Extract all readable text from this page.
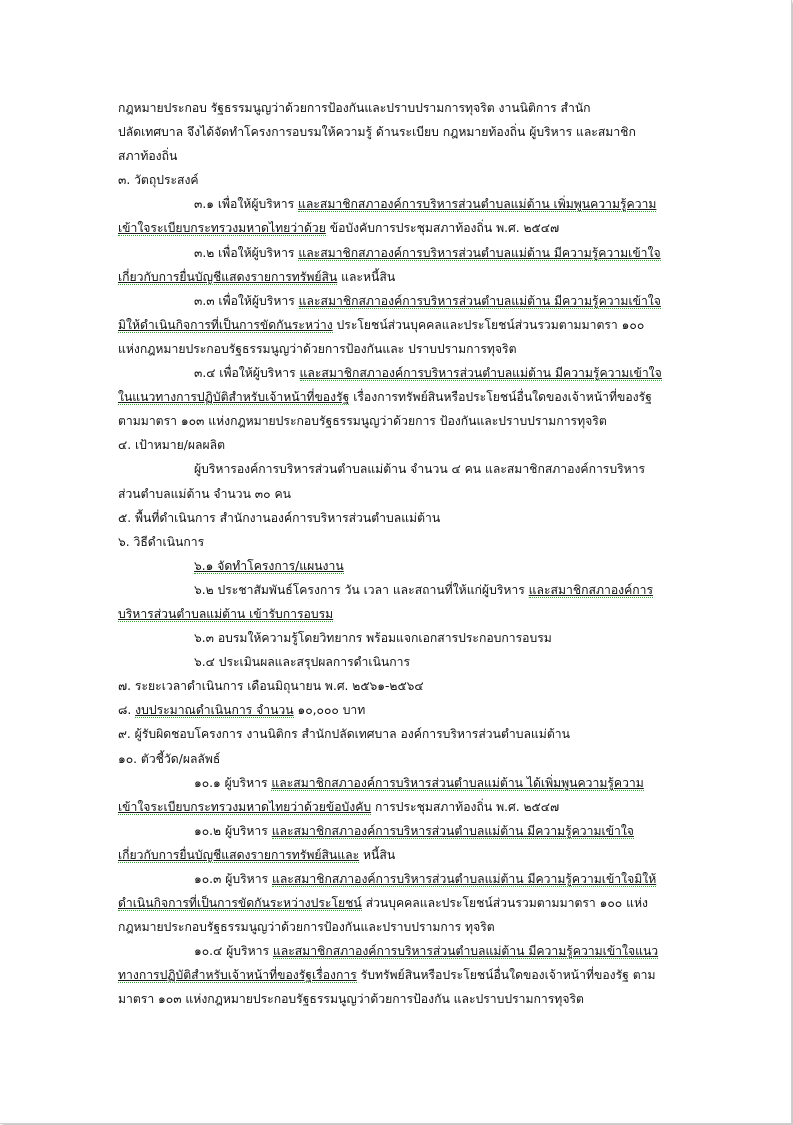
กฎหมายประกอบ รัฐธรรมนูญว่าด้วยการป้องกันและปราบปรามการทุจริต งานนิติการ สำนัก

ปลัดเทศบาล จึงได้จัดทำโครงการอบรมให้ความรู้ ด้านระเบียบ กฎหมายท้องถิ่น ผู้บริหาร และสมาชิก

สภาท้องถิ่น

๓. วัตถุประสงค์

๓.๑ เพื่อให้ผู้บริหาร และสมาชิกสภาองค์การบริหารส่วนตำบลแม่ต้าน เพิ่มพูนความรู้ความ
เข้าใจระเบียบกระทรวงมหาดไทยว่าด้วย ข้อบังคับการประชุมสภาท้องถิ่น พ.ศ. ๒๕๔๗

๓.๒ เพื่อให้ผู้บริหาร และสมาชิกสภาองค์การบริหารส่วนตำบลแม่ต้าน มีความรู้ความเข้าใจ
เกี่ยวกับการยื่นบัญชีแสดงรายการทรัพย์สิน และหนี้สิน

๓.๓ เพื่อให้ผู้บริหาร และสมาชิกสภาองค์การบริหารส่วนตำบลแม่ต้าน มีความรู้ความเข้าใจ
มิให้ดำเนินกิจการที่เป็นการขัดกันระหว่าง ประโยชน์ส่วนบุคคลและประโยชน์ส่วนรวมตามมาตรา ๑๐๐
แห่งกฎหมายประกอบรัฐธรรมนูญว่าด้วยการป้องกันและ ปราบปรามการทุจริต

๓.๔ เพื่อให้ผู้บริหาร และสมาชิกสภาองค์การบริหารส่วนตำบลแม่ต้าน มีความรู้ความเข้าใจ
ในแนวทางการปฏิบัติสำหรับเจ้าหน้าที่ของรัฐ เรื่องการทรัพย์สินหรือประโยชน์อื่นใดของเจ้าหน้าที่ของรัฐ
ตามมาตรา ๑๐๓ แห่งกฎหมายประกอบรัฐธรรมนูญว่าด้วยการ ป้องกันและปราบปรามการทุจริต

๔. เป้าหมาย/ผลผลิต

ผู้บริหารองค์การบริหารส่วนตำบลแม่ต้าน จำนวน ๔ คน และสมาชิกสภาองค์การบริหาร
ส่วนตำบลแม่ต้าน จำนวน ๓๐ คน

๕. พื้นที่ดำเนินการ สำนักงานองค์การบริหารส่วนตำบลแม่ต้าน

๖. วิธีดำเนินการ

๖.๑ จัดทำโครงการ/แผนงาน

๖.๒ ประชาสัมพันธ์โครงการ วัน เวลา และสถานที่ให้แก่ผู้บริหาร และสมาชิกสภาองค์การ
บริหารส่วนตำบลแม่ต้าน เข้ารับการอบรม

๖.๓ อบรมให้ความรู้โดยวิทยากร พร้อมแจกเอกสารประกอบการอบรม

๖.๔ ประเมินผลและสรุปผลการดำเนินการ

๗. ระยะเวลาดำเนินการ เดือนมิถุนายน พ.ศ. ๒๕๖๑-๒๕๖๔

๘. งบประมาณดำเนินการ จำนวน ๑๐,๐๐๐ บาท

๙. ผู้รับผิดชอบโครงการ งานนิติกร สำนักปลัดเทศบาล องค์การบริหารส่วนตำบลแม่ต้าน

๑๐. ตัวชี้วัด/ผลลัพธ์

๑๐.๑ ผู้บริหาร และสมาชิกสภาองค์การบริหารส่วนตำบลแม่ต้าน ได้เพิ่มพูนความรู้ความ
เข้าใจระเบียบกระทรวงมหาดไทยว่าด้วยข้อบังคับ การประชุมสภาท้องถิ่น พ.ศ. ๒๕๔๗

๑๐.๒ ผู้บริหาร และสมาชิกสภาองค์การบริหารส่วนตำบลแม่ต้าน มีความรู้ความเข้าใจ
เกี่ยวกับการยื่นบัญชีแสดงรายการทรัพย์สินและ หนี้สิน

๑๐.๓ ผู้บริหาร และสมาชิกสภาองค์การบริหารส่วนตำบลแม่ต้าน มีความรู้ความเข้าใจมิให้
ดำเนินกิจการที่เป็นการขัดกันระหว่างประโยชน์ ส่วนบุคคลและประโยชน์ส่วนรวมตามมาตรา ๑๐๐ แห่ง
กฎหมายประกอบรัฐธรรมนูญว่าด้วยการป้องกันและปราบปรามการ ทุจริต

๑๐.๔ ผู้บริหาร และสมาชิกสภาองค์การบริหารส่วนตำบลแม่ต้าน มีความรู้ความเข้าใจแนว
ทางการปฏิบัติสำหรับเจ้าหน้าที่ของรัฐเรื่องการ รับทรัพย์สินหรือประโยชน์อื่นใดของเจ้าหน้าที่ของรัฐ ตาม
มาตรา ๑๐๓ แห่งกฎหมายประกอบรัฐธรรมนูญว่าด้วยการป้องกัน และปราบปรามการทุจริต
